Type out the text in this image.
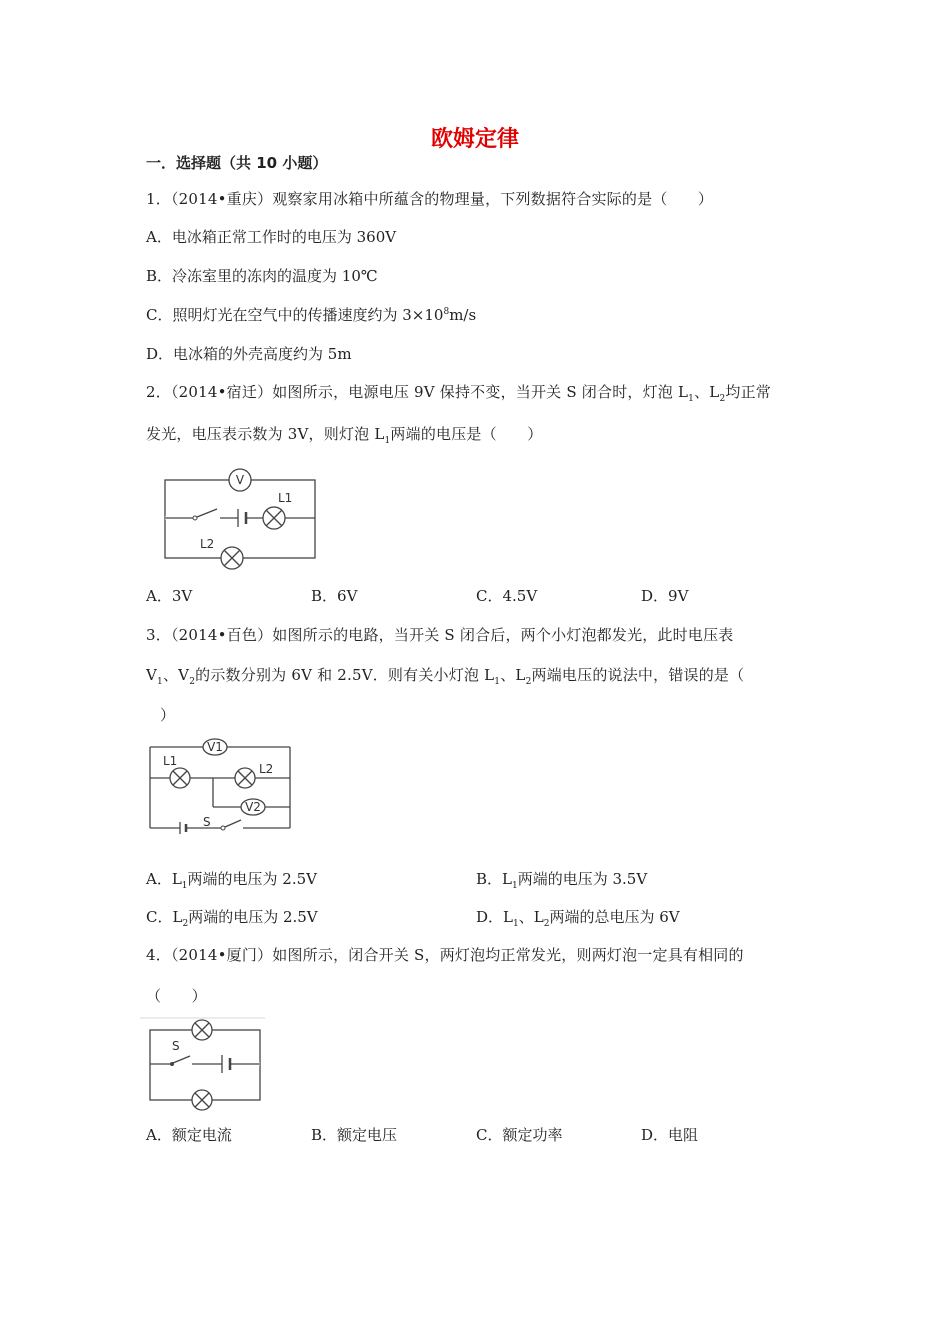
欧姆定律
一．选择题（共 10 小题）
1．（2014•重庆）观察家用冰箱中所蕴含的物理量，下列数据符合实际的是（　　）
A．电冰箱正常工作时的电压为 360V
B．冷冻室里的冻肉的温度为 10℃
C．照明灯光在空气中的传播速度约为 $3\times 10^8m/s$
D．电冰箱的外壳高度约为 5m
2．（2014•宿迁）如图所示，电源电压 9V 保持不变，当开关 S 闭合时，灯泡 $L_1$、$L_2$均正常
发光，电压表示数为 3V，则灯泡 $L_1$两端的电压是（　　）
V
L1
L2
A．3V	B．6V	C．4.5V	D．9V
3．（2014•百色）如图所示的电路，当开关 S 闭合后，两个小灯泡都发光，此时电压表
$V_1$、$V_2$的示数分别为 6V 和 2.5V．则有关小灯泡 $L_1$、$L_2$两端电压的说法中，错误的是（
）
S
V1
V2
L1
L2
A．$L_1$两端的电压为 2.5V	B．$L_1$两端的电压为 3.5V
C．$L_2$两端的电压为 2.5V	D．$L_1$、$L_2$两端的总电压为 6V
4．（2014•厦门）如图所示，闭合开关 S，两灯泡均正常发光，则两灯泡一定具有相同的
（　　）
S
A．额定电流	B．额定电压	C．额定功率	D．电阻
